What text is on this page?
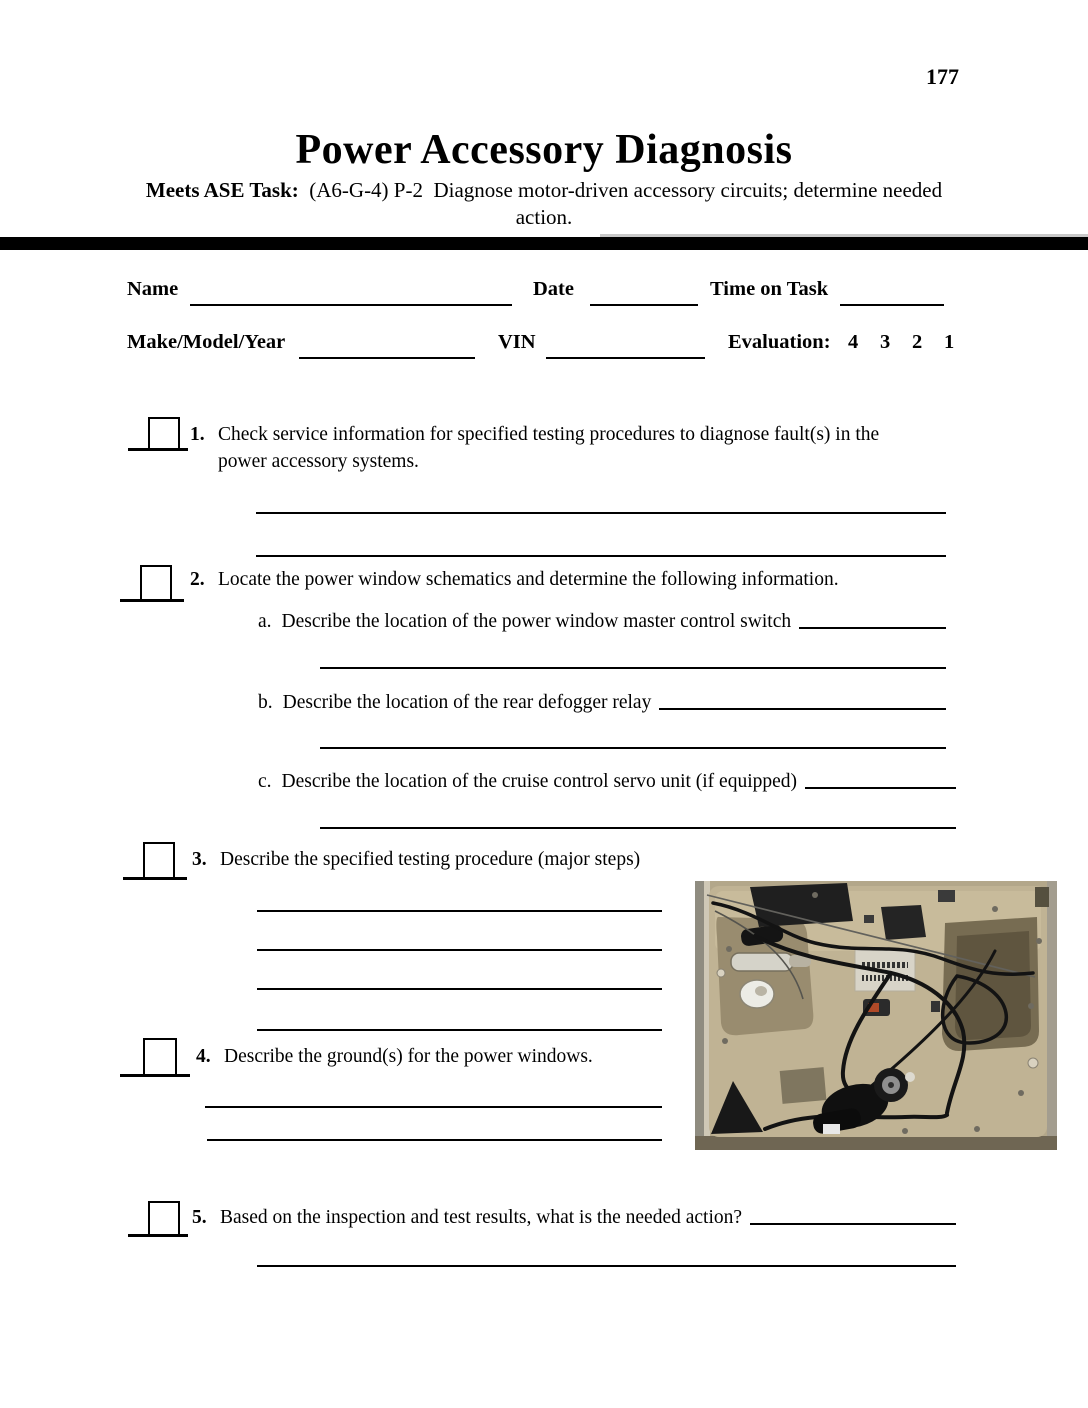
177
Power Accessory Diagnosis
Meets ASE Task: (A6-G-4) P-2  Diagnose motor-driven accessory circuits; determine needed
action.
Name	Date	Time on Task
Make/Model/Year	VIN	Evaluation: 4 3 2 1
1. Check service information for specified testing procedures to diagnose fault(s) in the
power accessory systems.
2. Locate the power window schematics and determine the following information.
a. Describe the location of the power window master control switch
b. Describe the location of the rear defogger relay
c. Describe the location of the cruise control servo unit (if equipped)
3. Describe the specified testing procedure (major steps)
4. Describe the ground(s) for the power windows.
5. Based on the inspection and test results, what is the needed action?
